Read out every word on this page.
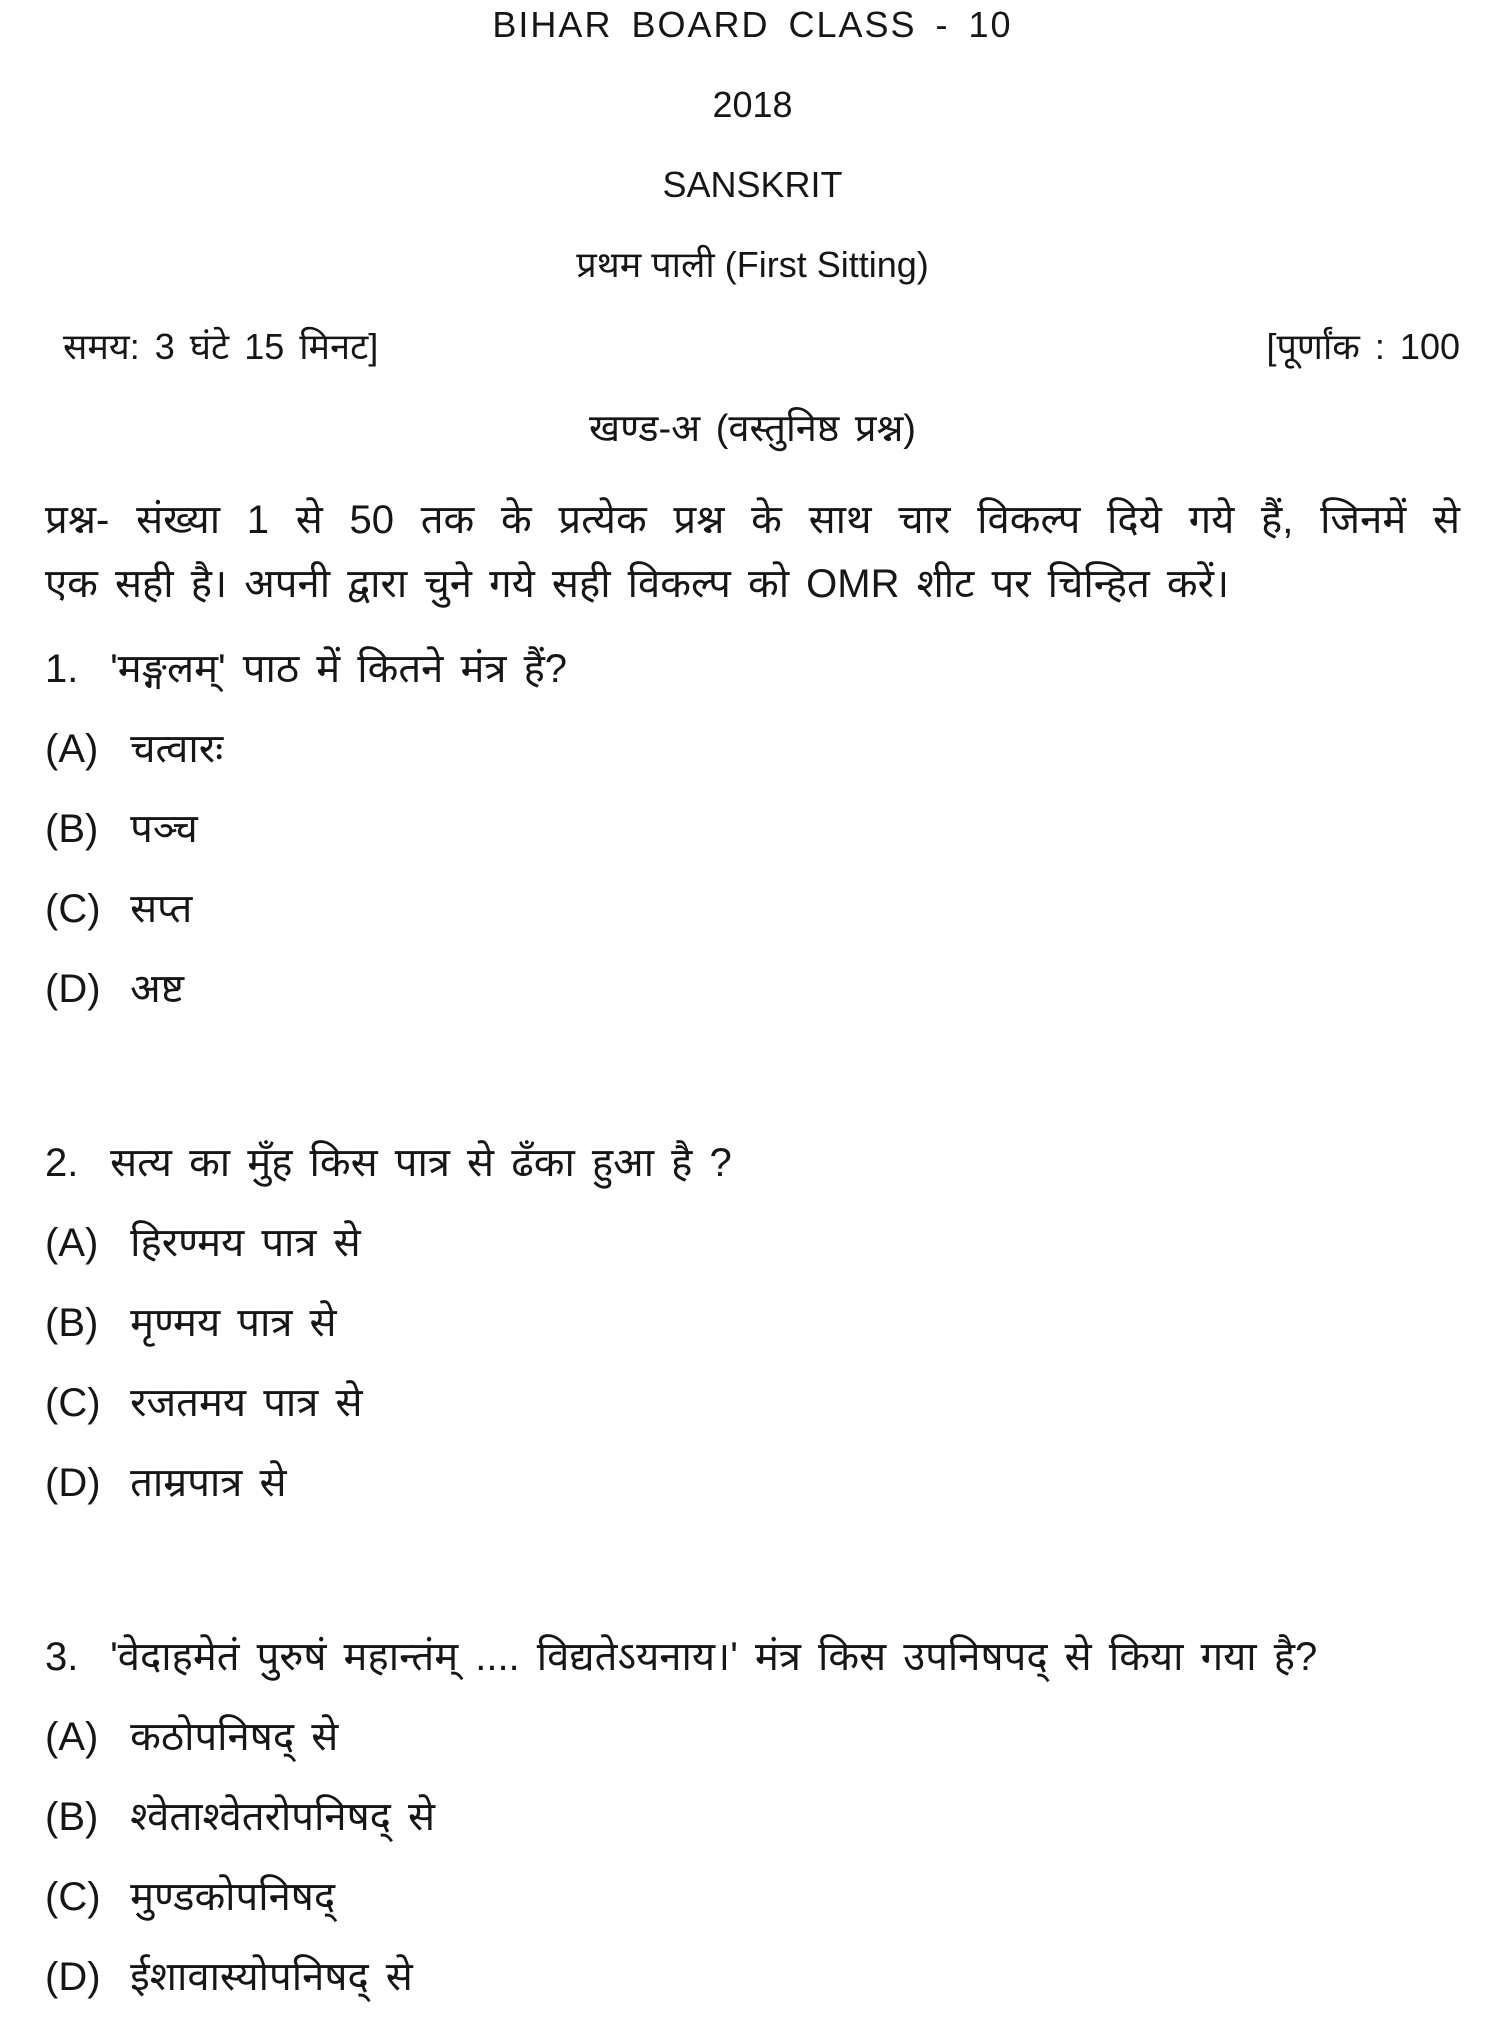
BIHAR BOARD CLASS - 10
2018
SANSKRIT
प्रथम पाली (First Sitting)
समय: 3 घंटे 15 मिनट]	[पूर्णांक : 100
खण्ड-अ (वस्तुनिष्ठ प्रश्न)
प्रश्न- संख्या 1 से 50 तक के प्रत्येक प्रश्न के साथ चार विकल्प दिये गये हैं, जिनमें से
एक सही है। अपनी द्वारा चुने गये सही विकल्प को OMR शीट पर चिन्हित करें।
1. 'मङ्गलम्' पाठ में कितने मंत्र हैं?
(A) चत्वारः
(B) पञ्च
(C) सप्त
(D) अष्ट
2. सत्य का मुँह किस पात्र से ढँका हुआ है ?
(A) हिरण्मय पात्र से
(B) मृण्मय पात्र से
(C) रजतमय पात्र से
(D) ताम्रपात्र से
3. 'वेदाहमेतं पुरुषं महान्तंम् .... विद्यतेऽयनाय।' मंत्र किस उपनिषपद् से किया गया है?
(A) कठोपनिषद् से
(B) श्वेताश्वेतरोपनिषद् से
(C) मुण्डकोपनिषद्
(D) ईशावास्योपनिषद् से
